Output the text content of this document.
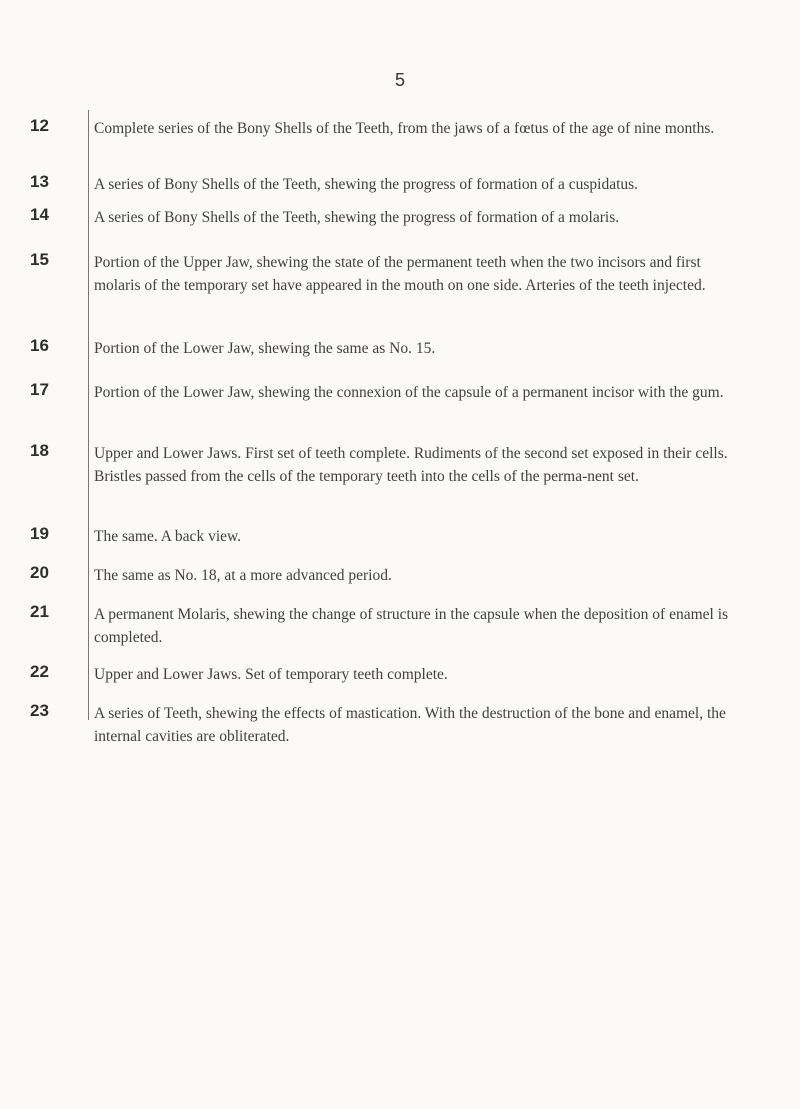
5
12	Complete series of the Bony Shells of the Teeth, from the jaws of a fœtus of the age of nine months.
13	A series of Bony Shells of the Teeth, shewing the progress of formation of a cuspidatus.
14	A series of Bony Shells of the Teeth, shewing the progress of formation of a molaris.
15	Portion of the Upper Jaw, shewing the state of the permanent teeth when the two incisors and first molaris of the temporary set have appeared in the mouth on one side. Arteries of the teeth injected.
16	Portion of the Lower Jaw, shewing the same as No. 15.
17	Portion of the Lower Jaw, shewing the connexion of the capsule of a permanent incisor with the gum.
18	Upper and Lower Jaws. First set of teeth complete. Rudiments of the second set exposed in their cells. Bristles passed from the cells of the temporary teeth into the cells of the perma-nent set.
19	The same. A back view.
20	The same as No. 18, at a more advanced period.
21	A permanent Molaris, shewing the change of structure in the capsule when the deposition of enamel is completed.
22	Upper and Lower Jaws. Set of temporary teeth complete.
23	A series of Teeth, shewing the effects of mastication. With the destruction of the bone and enamel, the internal cavities are obliterated.
